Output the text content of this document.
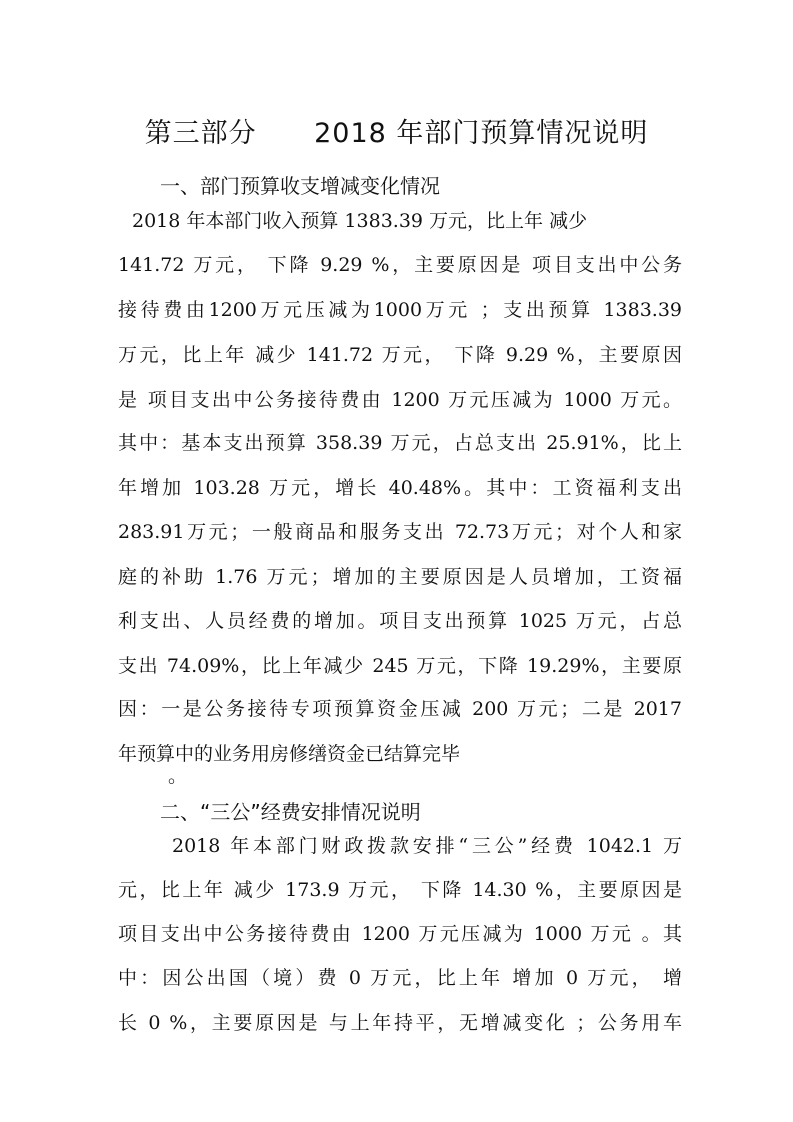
第三部分      2018 年部门预算情况说明
一、部门预算收支增减变化情况
2018 年本部门收入预算 1383.39 万元，比上年 减少
141.72 万元， 下降 9.29 %，主要原因是 项目支出中公务
接待费由1200万元压减为1000万元 ；支出预算 1383.39
万元，比上年 减少 141.72 万元， 下降 9.29 %，主要原因
是 项目支出中公务接待费由 1200 万元压减为 1000 万元。
其中：基本支出预算 358.39 万元，占总支出 25.91%，比上
年增加 103.28 万元，增长 40.48%。其中：工资福利支出
283.91万元；一般商品和服务支出 72.73万元；对个人和家
庭的补助 1.76 万元；增加的主要原因是人员增加，工资福
利支出、人员经费的增加。项目支出预算 1025 万元，占总
支出 74.09%，比上年减少 245 万元，下降 19.29%，主要原
因：一是公务接待专项预算资金压减 200 万元；二是 2017
年预算中的业务用房修缮资金已结算完毕
。
二、“三公”经费安排情况说明
2018 年本部门财政拨款安排“三公”经费 1042.1 万
元，比上年 减少 173.9 万元， 下降 14.30 %，主要原因是
项目支出中公务接待费由 1200 万元压减为 1000 万元 。其
中：因公出国（境）费 0 万元，比上年 增加 0 万元， 增
长 0 %，主要原因是 与上年持平，无增减变化 ；公务用车
